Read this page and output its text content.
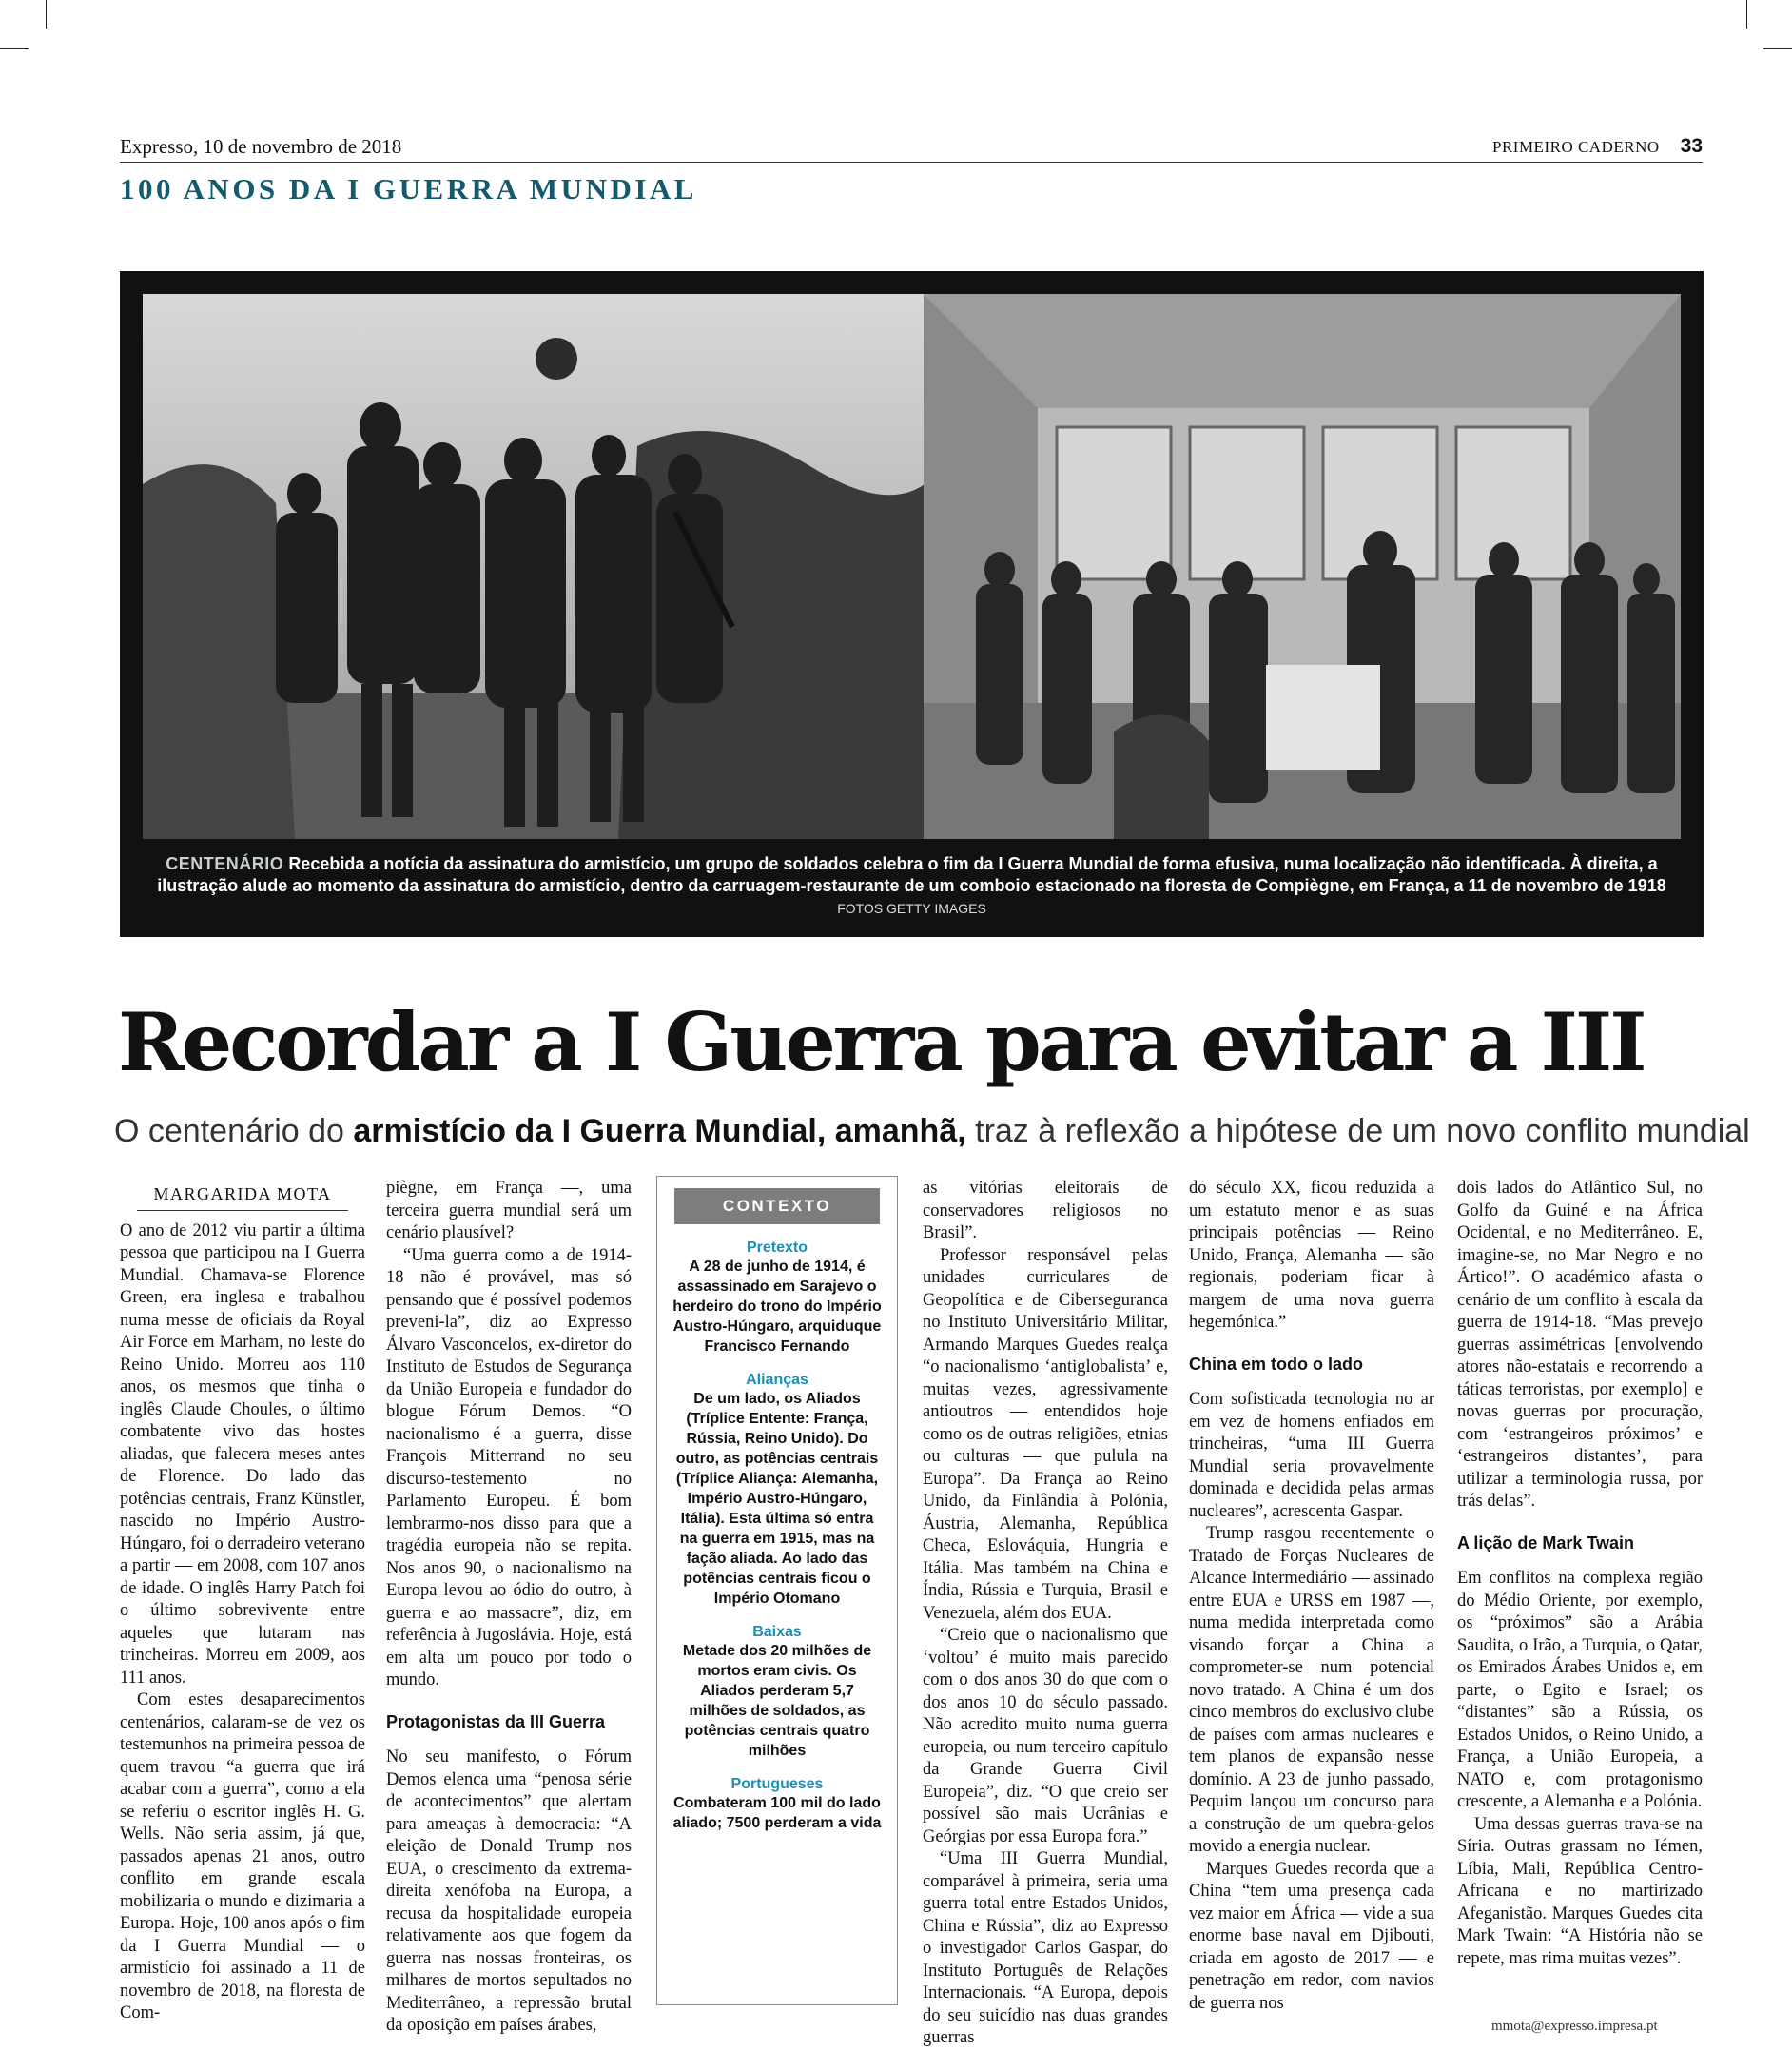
Expresso, 10 de novembro de 2018	PRIMEIRO CADERNO 33
100 ANOS DA I GUERRA MUNDIAL
CENTENÁRIO Recebida a notícia da assinatura do armistício, um grupo de soldados celebra o fim da I Guerra Mundial de forma efusiva, numa localização não identificada. À direita, a ilustração alude ao momento da assinatura do armistício, dentro da carruagem-restaurante de um comboio estacionado na floresta de Compiègne, em França, a 11 de novembro de 1918 FOTOS GETTY IMAGES
Recordar a I Guerra para evitar a III
O centenário do armistício da I Guerra Mundial, amanhã, traz à reflexão a hipótese de um novo conflito mundial
MARGARIDA MOTA

O ano de 2012 viu partir a última pessoa que participou na I Guerra Mundial. Chamava-se Florence Green, era inglesa e trabalhou numa messe de oficiais da Royal Air Force em Marham, no leste do Reino Unido. Morreu aos 110 anos, os mesmos que tinha o inglês Claude Choules, o último combatente vivo das hostes aliadas, que falecera meses antes de Florence. Do lado das potências centrais, Franz Künstler, nascido no Império Austro-Húngaro, foi o derradeiro veterano a partir — em 2008, com 107 anos de idade. O inglês Harry Patch foi o último sobrevivente entre aqueles que lutaram nas trincheiras. Morreu em 2009, aos 111 anos.

Com estes desaparecimentos centenários, calaram-se de vez os testemunhos na primeira pessoa de quem travou “a guerra que irá acabar com a guerra”, como a ela se referiu o escritor inglês H. G. Wells. Não seria assim, já que, passados apenas 21 anos, outro conflito em grande escala mobilizaria o mundo e dizimaria a Europa. Hoje, 100 anos após o fim da I Guerra Mundial — o armistício foi assinado a 11 de novembro de 2018, na floresta de Com-

piègne, em França —, uma terceira guerra mundial será um cenário plausível?

“Uma guerra como a de 1914-18 não é provável, mas só pensando que é possível podemos preveni-la”, diz ao Expresso Álvaro Vasconcelos, ex-diretor do Instituto de Estudos de Segurança da União Europeia e fundador do blogue Fórum Demos. “O nacionalismo é a guerra, disse François Mitterrand no seu discurso-testemento no Parlamento Europeu. É bom lembrarmo-nos disso para que a tragédia europeia não se repita. Nos anos 90, o nacionalismo na Europa levou ao ódio do outro, à guerra e ao massacre”, diz, em referência à Jugoslávia. Hoje, está em alta um pouco por todo o mundo.

Protagonistas da III Guerra

No seu manifesto, o Fórum Demos elenca uma “penosa série de acontecimentos” que alertam para ameaças à democracia: “A eleição de Donald Trump nos EUA, o crescimento da extrema-direita xenófoba na Europa, a recusa da hospitalidade europeia relativamente aos que fogem da guerra nas nossas fronteiras, os milhares de mortos sepultados no Mediterrâneo, a repressão brutal da oposição em países árabes,

CONTEXTO
Pretexto
A 28 de junho de 1914, é assassinado em Sarajevo o herdeiro do trono do Império Austro-Húngaro, arquiduque Francisco Fernando
Alianças
De um lado, os Aliados (Tríplice Entente: França, Rússia, Reino Unido). Do outro, as potências centrais (Tríplice Aliança: Alemanha, Império Austro-Húngaro, Itália). Esta última só entra na guerra em 1915, mas na fação aliada. Ao lado das potências centrais ficou o Império Otomano
Baixas
Metade dos 20 milhões de mortos eram civis. Os Aliados perderam 5,7 milhões de soldados, as potências centrais quatro milhões
Portugueses
Combateram 100 mil do lado aliado; 7500 perderam a vida

as vitórias eleitorais de conservadores religiosos no Brasil”.

Professor responsável pelas unidades curriculares de Geopolítica e de Ciberseguranca no Instituto Universitário Militar, Armando Marques Guedes realça “o nacionalismo ‘antiglobalista’ e, muitas vezes, agressivamente antioutros — entendidos hoje como os de outras religiões, etnias ou culturas — que pulula na Europa”. Da França ao Reino Unido, da Finlândia à Polónia, Áustria, Alemanha, República Checa, Eslováquia, Hungria e Itália. Mas também na China e Índia, Rússia e Turquia, Brasil e Venezuela, além dos EUA.

“Creio que o nacionalismo que ‘voltou’ é muito mais parecido com o dos anos 30 do que com o dos anos 10 do século passado. Não acredito muito numa guerra europeia, ou num terceiro capítulo da Grande Guerra Civil Europeia”, diz. “O que creio ser possível são mais Ucrânias e Geórgias por essa Europa fora.”

“Uma III Guerra Mundial, comparável à primeira, seria uma guerra total entre Estados Unidos, China e Rússia”, diz ao Expresso o investigador Carlos Gaspar, do Instituto Português de Relações Internacionais. “A Europa, depois do seu suicídio nas duas grandes guerras

do século XX, ficou reduzida a um estatuto menor e as suas principais potências — Reino Unido, França, Alemanha — são regionais, poderiam ficar à margem de uma nova guerra hegemónica.”

China em todo o lado

Com sofisticada tecnologia no ar em vez de homens enfiados em trincheiras, “uma III Guerra Mundial seria provavelmente dominada e decidida pelas armas nucleares”, acrescenta Gaspar.

Trump rasgou recentemente o Tratado de Forças Nucleares de Alcance Intermediário — assinado entre EUA e URSS em 1987 —, numa medida interpretada como visando forçar a China a comprometer-se num potencial novo tratado. A China é um dos cinco membros do exclusivo clube de países com armas nucleares e tem planos de expansão nesse domínio. A 23 de junho passado, Pequim lançou um concurso para a construção de um quebra-gelos movido a energia nuclear.

Marques Guedes recorda que a China “tem uma presença cada vez maior em África — vide a sua enorme base naval em Djibouti, criada em agosto de 2017 — e penetração em redor, com navios de guerra nos

dois lados do Atlântico Sul, no Golfo da Guiné e na África Ocidental, e no Mediterrâneo. E, imagine-se, no Mar Negro e no Ártico!”. O académico afasta o cenário de um conflito à escala da guerra de 1914-18. “Mas prevejo guerras assimétricas [envolvendo atores não-estatais e recorrendo a táticas terroristas, por exemplo] e novas guerras por procuração, com ‘estrangeiros próximos’ e ‘estrangeiros distantes’, para utilizar a terminologia russa, por trás delas”.

A lição de Mark Twain

Em conflitos na complexa região do Médio Oriente, por exemplo, os “próximos” são a Arábia Saudita, o Irão, a Turquia, o Qatar, os Emirados Árabes Unidos e, em parte, o Egito e Israel; os “distantes” são a Rússia, os Estados Unidos, o Reino Unido, a França, a União Europeia, a NATO e, com protagonismo crescente, a Alemanha e a Polónia.

Uma dessas guerras trava-se na Síria. Outras grassam no Iémen, Líbia, Mali, República Centro-Africana e no martirizado Afeganistão. Marques Guedes cita Mark Twain: “A História não se repete, mas rima muitas vezes”.

mmota@expresso.impresa.pt
